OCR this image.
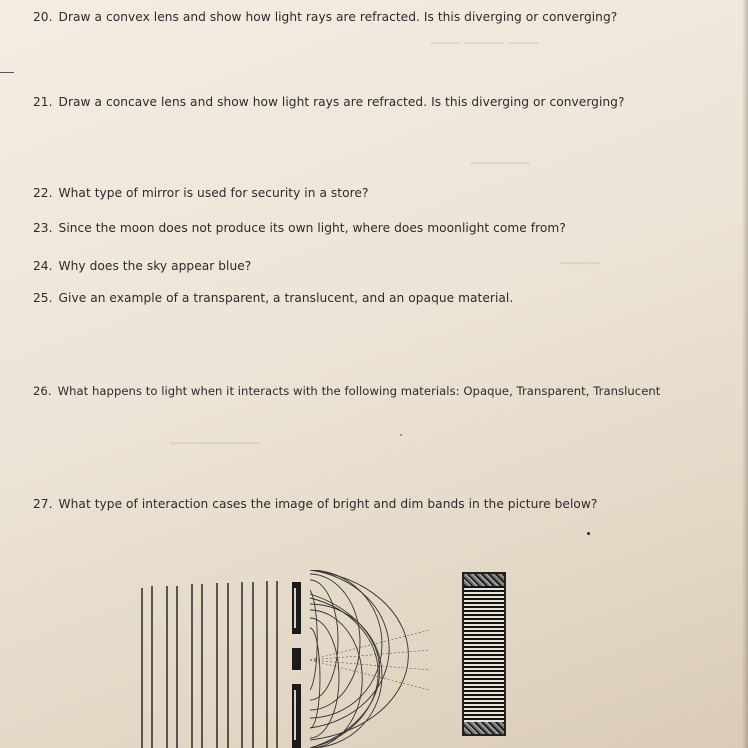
▁▁▁ ▁▁▁▁ ▁▁▁
▁▁▁▁▁▁
▁▁▁▁
▁▁▁▁▁▁▁▁▁
20. Draw a convex lens and show how light rays are refracted. Is this diverging or converging?
21. Draw a concave lens and show how light rays are refracted. Is this diverging or converging?
22. What type of mirror is used for security in a store?
23. Since the moon does not produce its own light, where does moonlight come from?
24. Why does the sky appear blue?
25. Give an example of a transparent, a translucent, and an opaque material.
26. What happens to light when it interacts with the following materials: Opaque, Transparent, Translucent
27. What type of interaction cases the image of bright and dim bands in the picture below?
